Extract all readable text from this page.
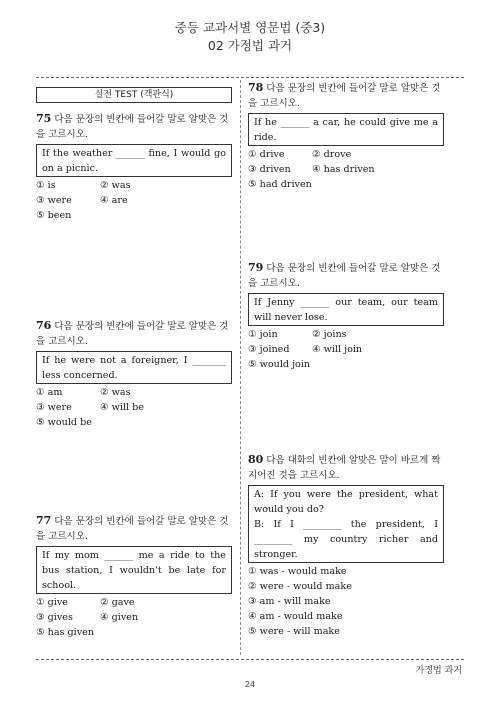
중등 교과서별 영문법 (중3)
02 가정법 과거
실전 TEST (객관식)
75 다음 문장의 빈칸에 들어갈 말로 알맞은 것을 고르시오.
If the weather ______ fine, I would go on a picnic.
① is	② was
③ were	④ are
⑤ been
76 다음 문장의 빈칸에 들어갈 말로 알맞은 것을 고르시오.
If he were not a foreigner, I _______ less concerned.
① am	② was
③ were	④ will be
⑤ would be
77 다음 문장의 빈칸에 들어갈 말로 알맞은 것을 고르시오.
If my mom ______ me a ride to the bus station, I wouldn't be late for school.
① give	② gave
③ gives	④ given
⑤ has given
78 다음 문장의 빈칸에 들어갈 말로 알맞은 것을 고르시오.
If he ______ a car, he could give me a ride.
① drive	② drove
③ driven	④ has driven
⑤ had driven
79 다음 문장의 빈칸에 들어갈 말로 알맞은 것을 고르시오.
If Jenny ______ our team, our team will never lose.
① join	② joins
③ joined	④ will join
⑤ would join
80 다음 대화의 빈칸에 알맞은 말이 바르게 짝지어진 것을 고르시오.
A: If you were the president, what would you do?
B: If I ________ the president, I ________ my country richer and stronger.
① was - would make
② were - would make
③ am - will make
④ am - would make
⑤ were - will make
가정법 과거
24
